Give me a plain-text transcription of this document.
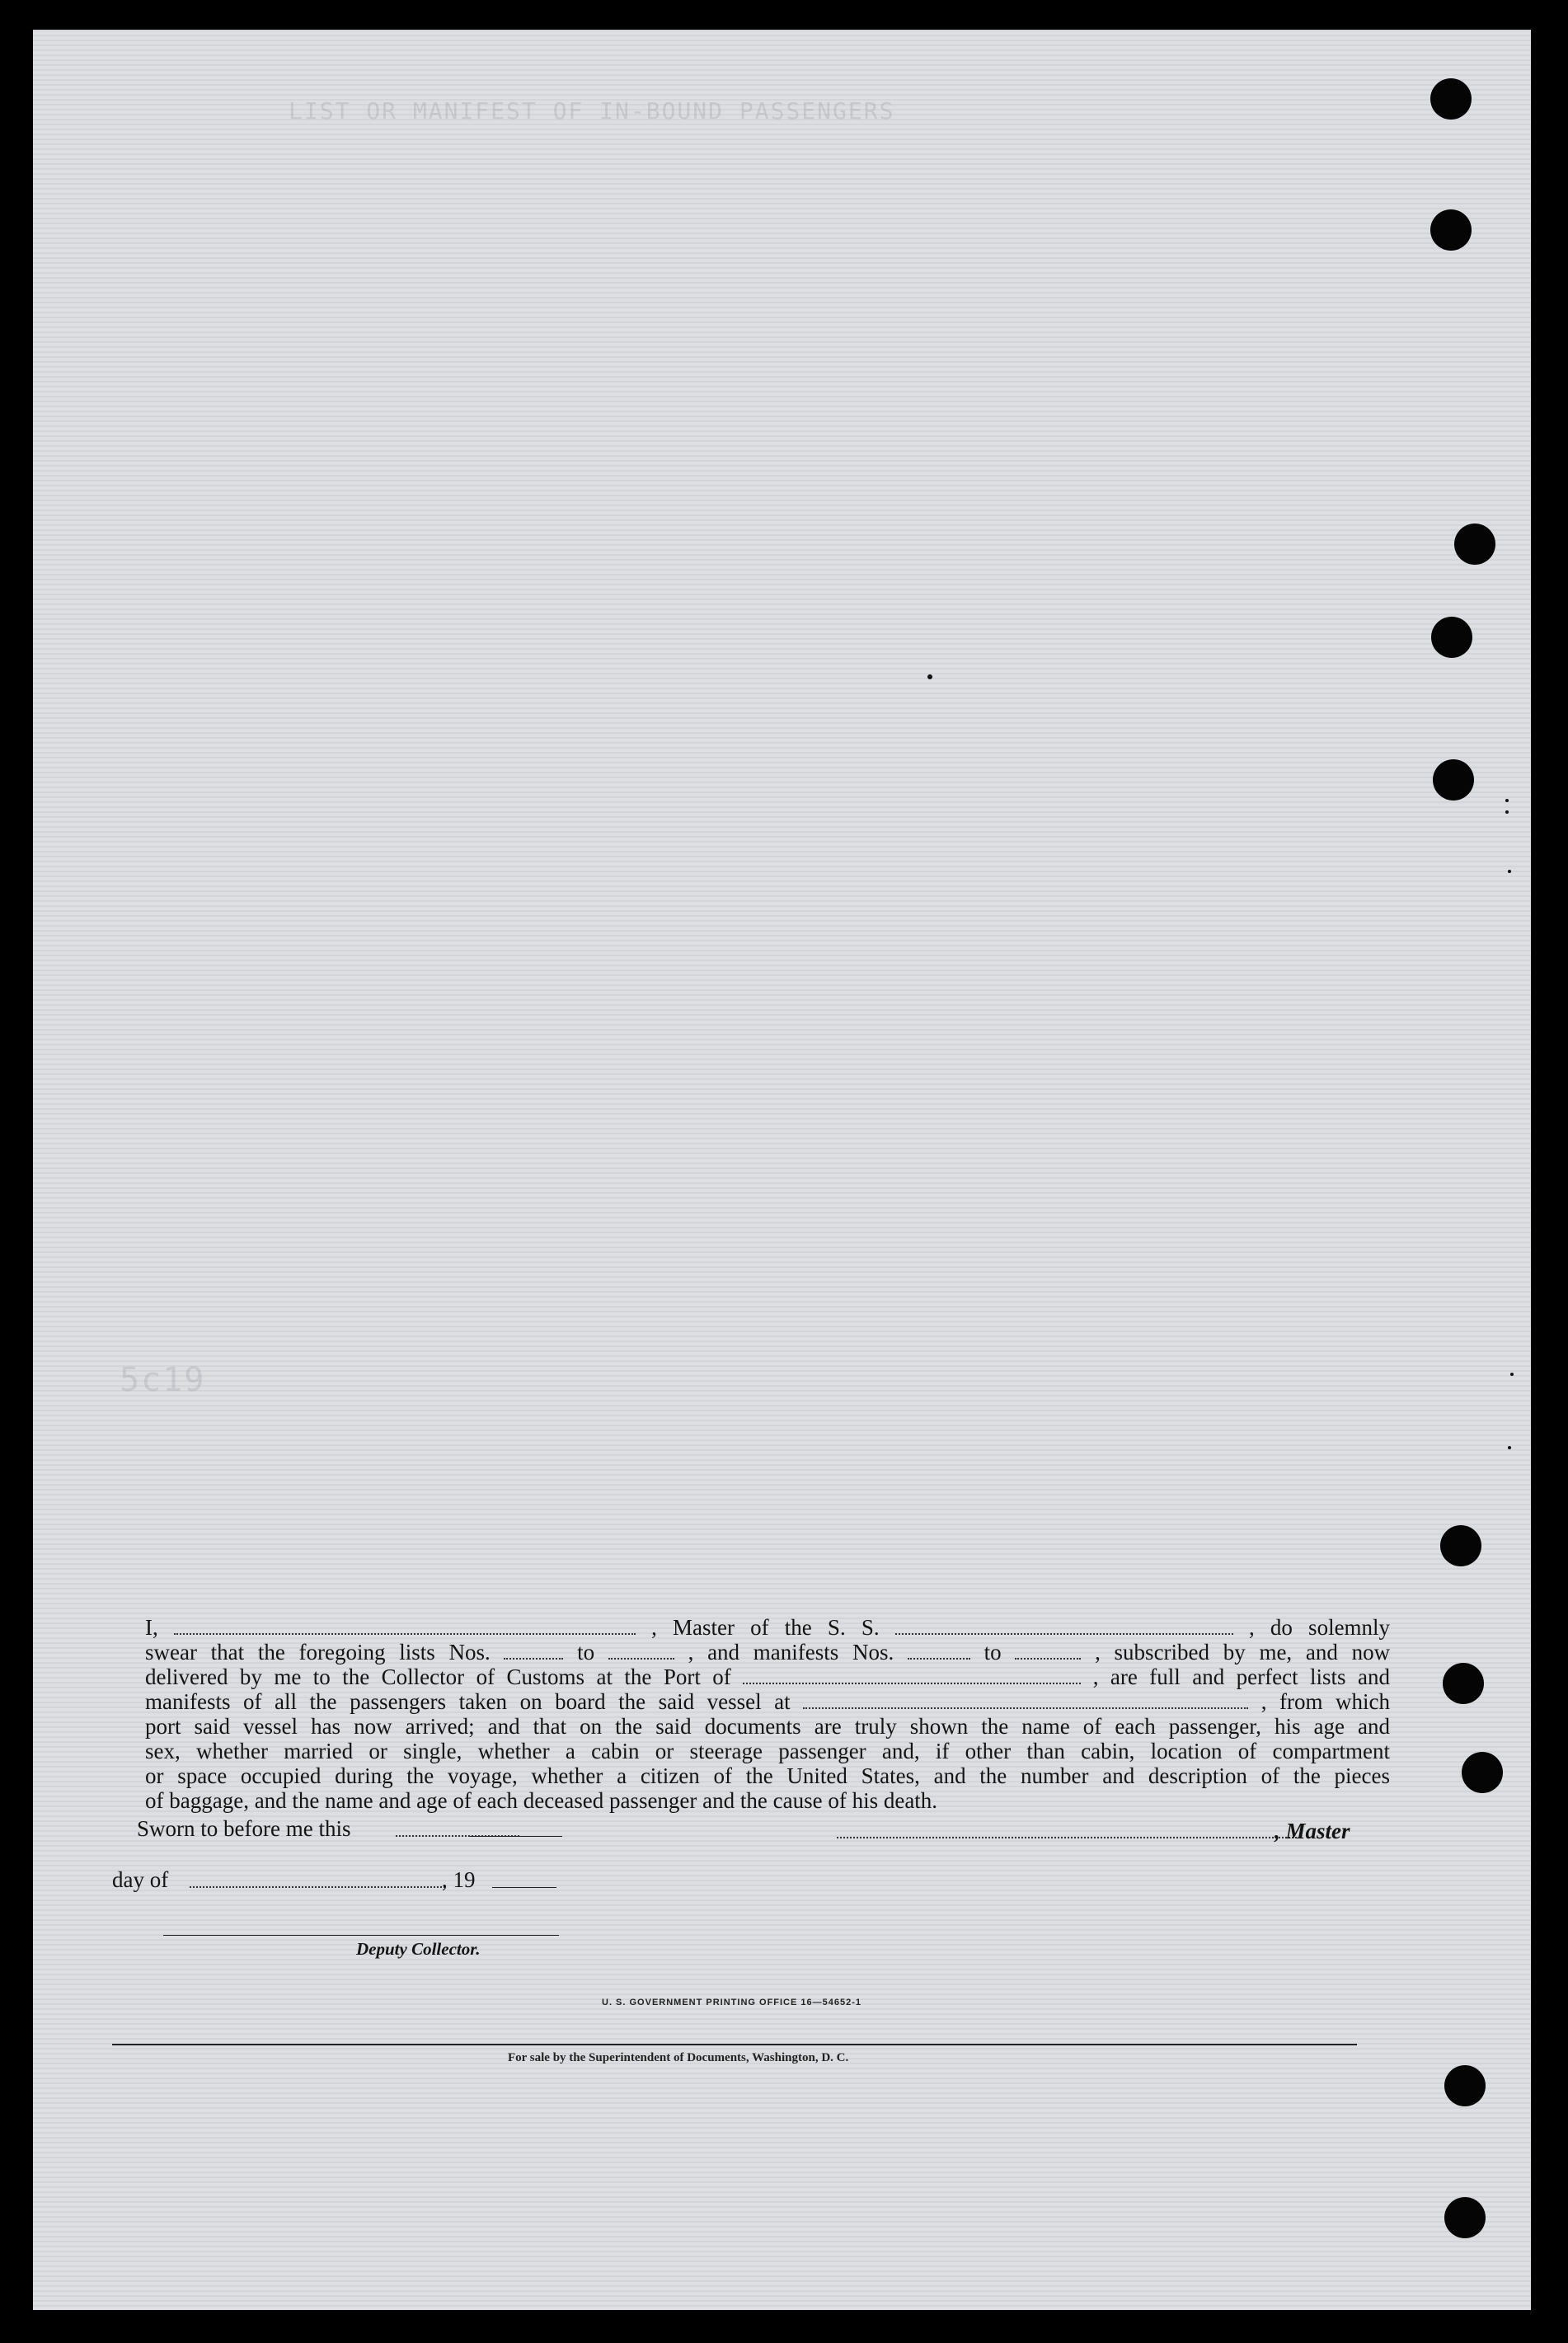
LIST OR MANIFEST OF IN-BOUND PASSENGERS
5c19
I,	, Master of the S. S.	, do solemnly
swear that the foregoing lists Nos.	to	, and manifests Nos.	to	, subscribed by me, and now
delivered by me to the Collector of Customs at the Port of	, are full and perfect lists and
manifests of all the passengers taken on board the said vessel at	, from which
port said vessel has now arrived; and that on the said documents are truly shown the name of each passenger, his age and
sex, whether married or single, whether a cabin or steerage passenger and, if other than cabin, location of compartment
or space occupied during the voyage, whether a citizen of the United States, and the number and description of the pieces
of baggage, and the name and age of each deceased passenger and the cause of his death.
Sworn to before me this	, Master
day of	, 19
Deputy Collector.
U. S. GOVERNMENT PRINTING OFFICE 16—54652-1
For sale by the Superintendent of Documents, Washington, D. C.
